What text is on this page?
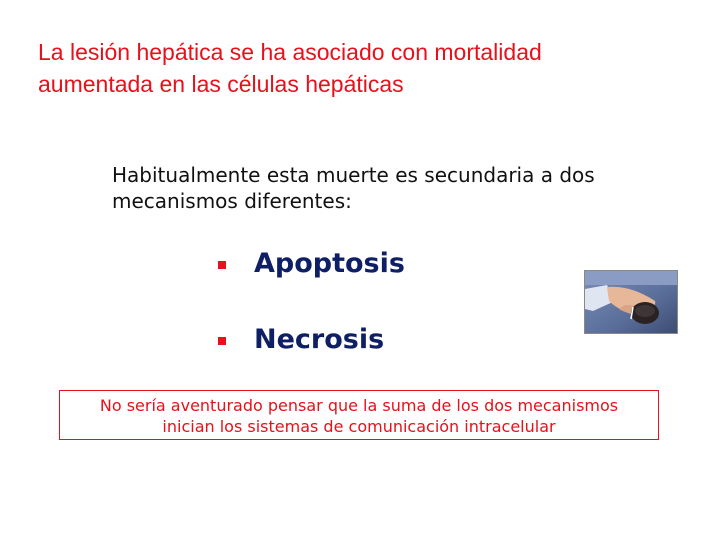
La lesión hepática se ha asociado con mortalidad
aumentada en las células hepáticas
Habitualmente esta muerte es secundaria a dos
mecanismos diferentes:
Apoptosis
Necrosis
No sería aventurado pensar que la suma de los dos mecanismos
inician los sistemas de comunicación intracelular
